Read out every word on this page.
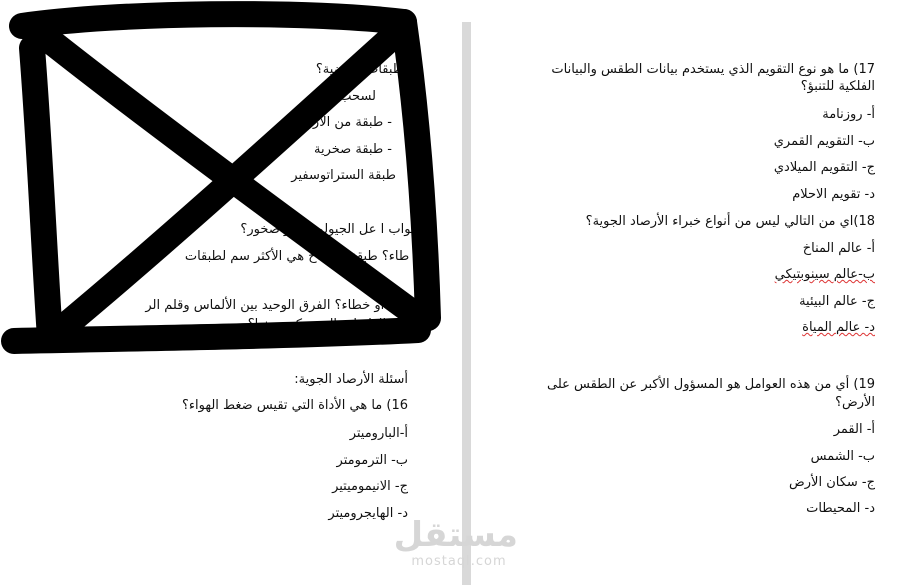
ة الطبقات الأرضية؟
لسحب
- طبقة من الأرض
- طبقة صخرية
طبقة الستراتوسفير
صواب ا عل الجيولوجيا هو صخور؟
ا) طاء؟ طبقة الوشاح هي الأكثر سم لطبقات
صواب او خطاء؟ الفرق الوحيد بين الألماس وقلم الر
ن نوع الطبقات التي تتكون منها؟
أسئلة الأرصاد الجوية:
16) ما هي الأداة التي تقيس ضغط الهواء؟
أ-الباروميتر
ب- الترمومتر
ج- الانيموميتير
د- الهايجروميتر
17) ما هو نوع التقويم الذي يستخدم بيانات الطقس والبيانات
الفلكية للتنبؤ؟
أ- روزنامة
ب- التقويم القمري
ج- التقويم الميلادي
د- تقويم الاحلام
18)اي من التالي ليس من أنواع خبراء الأرصاد الجوية؟
أ- عالم المناخ
ب-عالم سينوبتيكي
ج- عالم البيئية
د- عالم المياة
19) أي من هذه العوامل هو المسؤول الأكبر عن الطقس على
الأرض؟
أ- القمر
ب- الشمس
ج- سكان الأرض
د- المحيطات
مستقل
mostaql.com
